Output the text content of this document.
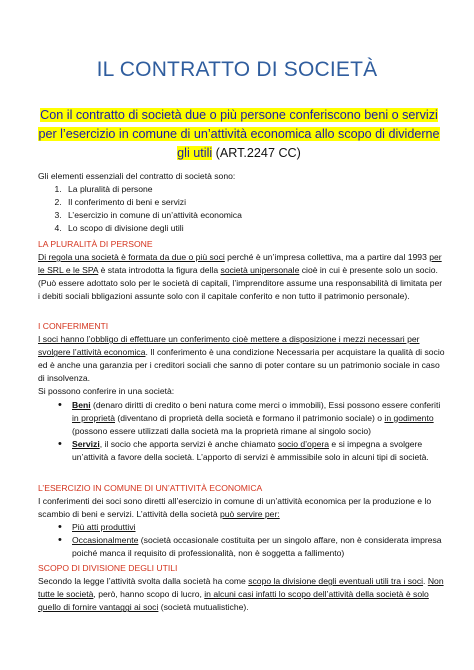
IL CONTRATTO DI SOCIETÀ
Con il contratto di società due o più persone conferiscono beni o servizi per l’esercizio in comune di un’attività economica allo scopo di dividerne gli utili (ART.2247 CC)

Gli elementi essenziali del contratto di società sono:

1. La pluralità di persone
2. Il conferimento di beni e servizi
3. L’esercizio in comune di un’attività economica
4. Lo scopo di divisione degli utili

LA PLURALITÀ DI PERSONE

Di regola una società è formata da due o più soci perché è un’impresa collettiva, ma a partire dal 1993 per le SRL e le SPA è stata introdotta la figura della società unipersonale cioè in cui è presente solo un socio. (Può essere adottato solo per le società di capitali, l’imprenditore assume una responsabilità di limitata per i debiti sociali bbligazioni assunte solo con il capitale conferito e non tutto il patrimonio personale).

I CONFERIMENTI

I soci hanno l’obbligo di effettuare un conferimento cioè mettere a disposizione i mezzi necessari per svolgere l’attività economica. Il conferimento è una condizione Necessaria per acquistare la qualità di socio ed è anche una garanzia per i creditori sociali che sanno di poter contare su un patrimonio sociale in caso di insolvenza.

Si possono conferire in una società:

• Beni (denaro diritti di credito o beni natura come merci o immobili), Essi possono essere conferiti in proprietà (diventano di proprietà della società e formano il patrimonio sociale) o in godimento (possono essere utilizzati dalla società ma la proprietà rimane al singolo socio)
• Servizi, il socio che apporta servizi è anche chiamato socio d’opera e si impegna a svolgere un’attività a favore della società. L’apporto di servizi è ammissibile solo in alcuni tipi di società.

L’ESERCIZIO IN COMUNE DI UN’ATTIVITÀ ECONOMICA

I conferimenti dei soci sono diretti all’esercizio in comune di un’attività economica per la produzione e lo scambio di beni e servizi. L’attività della società può servire per:

• Più atti produttivi
• Occasionalmente (società occasionale costituita per un singolo affare, non è considerata impresa poiché manca il requisito di professionalità, non è soggetta a fallimento)

SCOPO DI DIVISIONE DEGLI UTILI

Secondo la legge l’attività svolta dalla società ha come scopo la divisione degli eventuali utili tra i soci. Non tutte le società, però, hanno scopo di lucro, in alcuni casi infatti lo scopo dell’attività della società è solo quello di fornire vantaggi ai soci (società mutualistiche).
